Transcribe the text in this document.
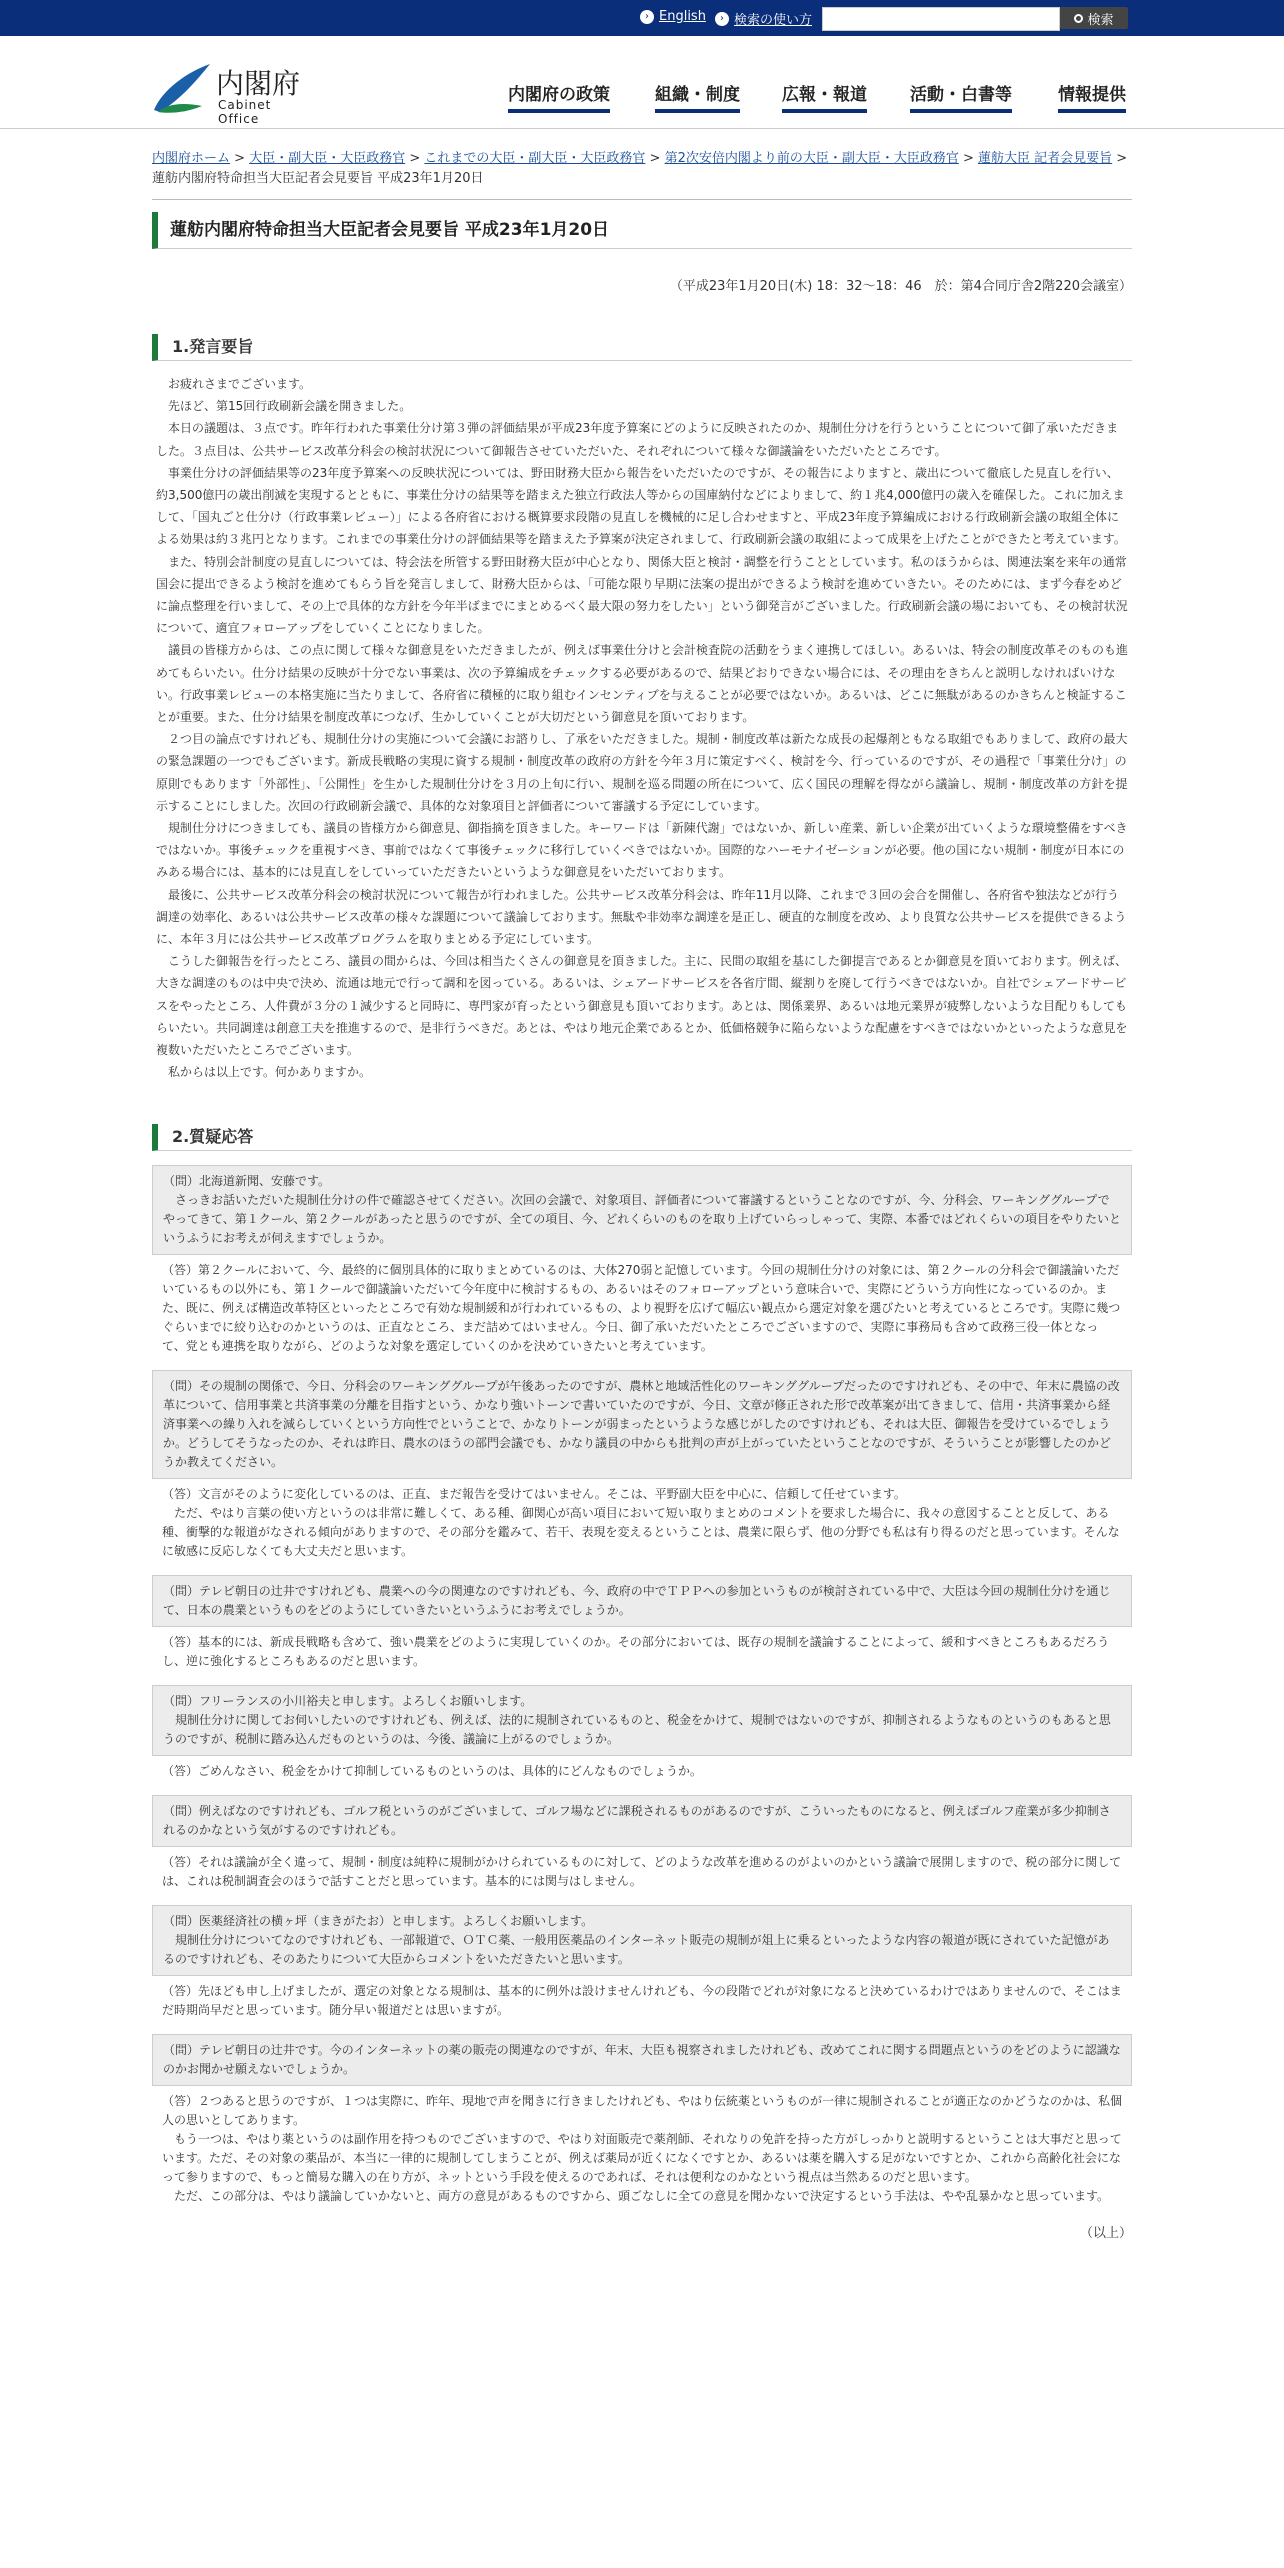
› English	› 検索の使い方	検索
内閣府
Cabinet Office
内閣府の政策	組織・制度 広報・報道	活動・白書等	情報提供
内閣府ホーム > 大臣・副大臣・大臣政務官 > これまでの大臣・副大臣・大臣政務官 > 第2次安倍内閣より前の大臣・副大臣・大臣政務官 > 蓮舫大臣 記者会見要旨 > 蓮舫内閣府特命担当大臣記者会見要旨 平成23年1月20日
蓮舫内閣府特命担当大臣記者会見要旨 平成23年1月20日
（平成23年1月20日(木) 18：32～18：46　於：第4合同庁舎2階220会議室）
1.発言要旨

お疲れさまでございます。

先ほど、第15回行政刷新会議を開きました。

本日の議題は、３点です。昨年行われた事業仕分け第３弾の評価結果が平成23年度予算案にどのように反映されたのか、規制仕分けを行うということについて御了承いただきました。３点目は、公共サービス改革分科会の検討状況について御報告させていただいた、それぞれについて様々な御議論をいただいたところです。

事業仕分けの評価結果等の23年度予算案への反映状況については、野田財務大臣から報告をいただいたのですが、その報告によりますと、歳出について徹底した見直しを行い、約3,500億円の歳出削減を実現するとともに、事業仕分けの結果等を踏まえた独立行政法人等からの国庫納付などによりまして、約１兆4,000億円の歳入を確保した。これに加えまして、「国丸ごと仕分け（行政事業レビュー）」による各府省における概算要求段階の見直しを機械的に足し合わせますと、平成23年度予算編成における行政刷新会議の取組全体による効果は約３兆円となります。これまでの事業仕分けの評価結果等を踏まえた予算案が決定されまして、行政刷新会議の取組によって成果を上げたことができたと考えています。

また、特別会計制度の見直しについては、特会法を所管する野田財務大臣が中心となり、関係大臣と検討・調整を行うこととしています。私のほうからは、関連法案を来年の通常国会に提出できるよう検討を進めてもらう旨を発言しまして、財務大臣からは、「可能な限り早期に法案の提出ができるよう検討を進めていきたい。そのためには、まず今春をめどに論点整理を行いまして、その上で具体的な方針を今年半ばまでにまとめるべく最大限の努力をしたい」という御発言がございました。行政刷新会議の場においても、その検討状況について、適宜フォローアップをしていくことになりました。

議員の皆様方からは、この点に関して様々な御意見をいただきましたが、例えば事業仕分けと会計検査院の活動をうまく連携してほしい。あるいは、特会の制度改革そのものも進めてもらいたい。仕分け結果の反映が十分でない事業は、次の予算編成をチェックする必要があるので、結果どおりできない場合には、その理由をきちんと説明しなければいけない。行政事業レビューの本格実施に当たりまして、各府省に積極的に取り組むインセンティブを与えることが必要ではないか。あるいは、どこに無駄があるのかきちんと検証することが重要。また、仕分け結果を制度改革につなげ、生かしていくことが大切だという御意見を頂いております。

２つ目の論点ですけれども、規制仕分けの実施について会議にお諮りし、了承をいただきました。規制・制度改革は新たな成長の起爆剤ともなる取組でもありまして、政府の最大の緊急課題の一つでもございます。新成長戦略の実現に資する規制・制度改革の政府の方針を今年３月に策定すべく、検討を今、行っているのですが、その過程で「事業仕分け」の原則でもあります「外部性」、「公開性」を生かした規制仕分けを３月の上旬に行い、規制を巡る問題の所在について、広く国民の理解を得ながら議論し、規制・制度改革の方針を提示することにしました。次回の行政刷新会議で、具体的な対象項目と評価者について審議する予定にしています。

規制仕分けにつきましても、議員の皆様方から御意見、御指摘を頂きました。キーワードは「新陳代謝」ではないか、新しい産業、新しい企業が出ていくような環境整備をすべきではないか。事後チェックを重視すべき、事前ではなくて事後チェックに移行していくべきではないか。国際的なハーモナイゼーションが必要。他の国にない規制・制度が日本にのみある場合には、基本的には見直しをしていっていただきたいというような御意見をいただいております。

最後に、公共サービス改革分科会の検討状況について報告が行われました。公共サービス改革分科会は、昨年11月以降、これまで３回の会合を開催し、各府省や独法などが行う調達の効率化、あるいは公共サービス改革の様々な課題について議論しております。無駄や非効率な調達を是正し、硬直的な制度を改め、より良質な公共サービスを提供できるように、本年３月には公共サービス改革プログラムを取りまとめる予定にしています。

こうした御報告を行ったところ、議員の間からは、今回は相当たくさんの御意見を頂きました。主に、民間の取組を基にした御提言であるとか御意見を頂いております。例えば、大きな調達のものは中央で決め、流通は地元で行って調和を図っている。あるいは、シェアードサービスを各省庁間、縦割りを廃して行うべきではないか。自社でシェアードサービスをやったところ、人件費が３分の１減少すると同時に、専門家が育ったという御意見も頂いております。あとは、関係業界、あるいは地元業界が疲弊しないような目配りもしてもらいたい。共同調達は創意工夫を推進するので、是非行うべきだ。あとは、やはり地元企業であるとか、低価格競争に陥らないような配慮をすべきではないかといったような意見を複数いただいたところでございます。

私からは以上です。何かありますか。

2.質疑応答

（問）北海道新聞、安藤です。

さっきお話いただいた規制仕分けの件で確認させてください。次回の会議で、対象項目、評価者について審議するということなのですが、今、分科会、ワーキンググループでやってきて、第１クール、第２クールがあったと思うのですが、全ての項目、今、どれくらいのものを取り上げていらっしゃって、実際、本番ではどれくらいの項目をやりたいというふうにお考えが伺えますでしょうか。

（答）第２クールにおいて、今、最終的に個別具体的に取りまとめているのは、大体270弱と記憶しています。今回の規制仕分けの対象には、第２クールの分科会で御議論いただいているもの以外にも、第１クールで御議論いただいて今年度中に検討するもの、あるいはそのフォローアップという意味合いで、実際にどういう方向性になっているのか。また、既に、例えば構造改革特区といったところで有効な規制緩和が行われているもの、より視野を広げて幅広い観点から選定対象を選びたいと考えているところです。実際に幾つぐらいまでに絞り込むのかというのは、正直なところ、まだ詰めてはいません。今日、御了承いただいたところでございますので、実際に事務局も含めて政務三役一体となって、党とも連携を取りながら、どのような対象を選定していくのかを決めていきたいと考えています。

（問）その規制の関係で、今日、分科会のワーキンググループが午後あったのですが、農林と地域活性化のワーキンググループだったのですけれども、その中で、年末に農協の改革について、信用事業と共済事業の分離を目指すという、かなり強いトーンで書いていたのですが、今日、文章が修正された形で改革案が出てきまして、信用・共済事業から経済事業への繰り入れを減らしていくという方向性でということで、かなりトーンが弱まったというような感じがしたのですけれども、それは大臣、御報告を受けているでしょうか。どうしてそうなったのか、それは昨日、農水のほうの部門会議でも、かなり議員の中からも批判の声が上がっていたということなのですが、そういうことが影響したのかどうか教えてください。

（答）文言がそのように変化しているのは、正直、まだ報告を受けてはいません。そこは、平野副大臣を中心に、信頼して任せています。

ただ、やはり言葉の使い方というのは非常に難しくて、ある種、御関心が高い項目において短い取りまとめのコメントを要求した場合に、我々の意図することと反して、ある種、衝撃的な報道がなされる傾向がありますので、その部分を鑑みて、若干、表現を変えるということは、農業に限らず、他の分野でも私は有り得るのだと思っています。そんなに敏感に反応しなくても大丈夫だと思います。

（問）テレビ朝日の辻井ですけれども、農業への今の関連なのですけれども、今、政府の中でＴＰＰへの参加というものが検討されている中で、大臣は今回の規制仕分けを通じて、日本の農業というものをどのようにしていきたいというふうにお考えでしょうか。

（答）基本的には、新成長戦略も含めて、強い農業をどのように実現していくのか。その部分においては、既存の規制を議論することによって、緩和すべきところもあるだろうし、逆に強化するところもあるのだと思います。

（問）フリーランスの小川裕夫と申します。よろしくお願いします。

規制仕分けに関してお伺いしたいのですけれども、例えば、法的に規制されているものと、税金をかけて、規制ではないのですが、抑制されるようなものというのもあると思うのですが、税制に踏み込んだものというのは、今後、議論に上がるのでしょうか。

（答）ごめんなさい、税金をかけて抑制しているものというのは、具体的にどんなものでしょうか。

（問）例えばなのですけれども、ゴルフ税というのがございまして、ゴルフ場などに課税されるものがあるのですが、こういったものになると、例えばゴルフ産業が多少抑制されるのかなという気がするのですけれども。

（答）それは議論が全く違って、規制・制度は純粋に規制がかけられているものに対して、どのような改革を進めるのがよいのかという議論で展開しますので、税の部分に関しては、これは税制調査会のほうで話すことだと思っています。基本的には関与はしません。

（問）医薬経済社の横ヶ坪（まきがたお）と申します。よろしくお願いします。

規制仕分けについてなのですけれども、一部報道で、ＯＴＣ薬、一般用医薬品のインターネット販売の規制が俎上に乗るといったような内容の報道が既にされていた記憶があるのですけれども、そのあたりについて大臣からコメントをいただきたいと思います。

（答）先ほども申し上げましたが、選定の対象となる規制は、基本的に例外は設けませんけれども、今の段階でどれが対象になると決めているわけではありませんので、そこはまだ時期尚早だと思っています。随分早い報道だとは思いますが。

（問）テレビ朝日の辻井です。今のインターネットの薬の販売の関連なのですが、年末、大臣も視察されましたけれども、改めてこれに関する問題点というのをどのように認識なのかお聞かせ願えないでしょうか。

（答）２つあると思うのですが、１つは実際に、昨年、現地で声を聞きに行きましたけれども、やはり伝統薬というものが一律に規制されることが適正なのかどうなのかは、私個人の思いとしてあります。

もう一つは、やはり薬というのは副作用を持つものでございますので、やはり対面販売で薬剤師、それなりの免許を持った方がしっかりと説明するということは大事だと思っています。ただ、その対象の薬品が、本当に一律的に規制してしまうことが、例えば薬局が近くになくですとか、あるいは薬を購入する足がないですとか、これから高齢化社会になって参りますので、もっと簡易な購入の在り方が、ネットという手段を使えるのであれば、それは便利なのかなという視点は当然あるのだと思います。

ただ、この部分は、やはり議論していかないと、両方の意見があるものですから、頭ごなしに全ての意見を聞かないで決定するという手法は、やや乱暴かなと思っています。

（以上）
